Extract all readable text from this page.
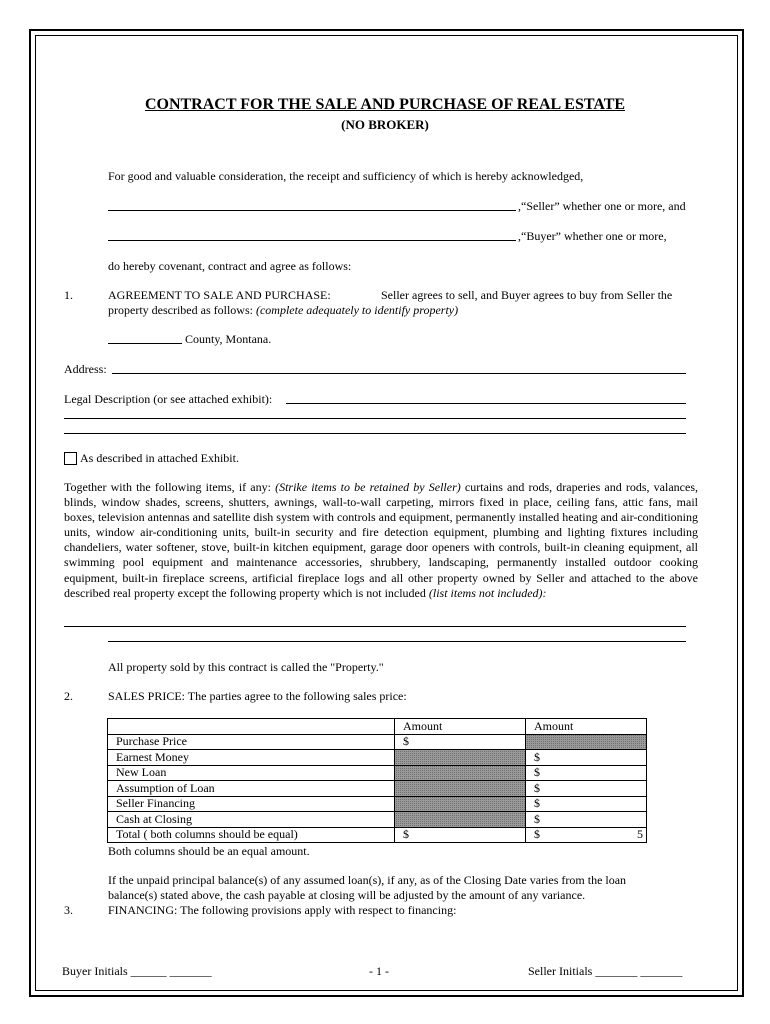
CONTRACT FOR THE SALE AND PURCHASE OF REAL ESTATE
(NO BROKER)
For good and valuable consideration, the receipt and sufficiency of which is hereby acknowledged,
,“Seller” whether one or more, and
,“Buyer” whether one or more,
do hereby covenant, contract and agree as follows:
1.	AGREEMENT TO SALE AND PURCHASE:	Seller agrees to sell, and Buyer agrees to buy from Seller the
property described as follows: (complete adequately to identify property)
County, Montana.
Address:
Legal Description (or see attached exhibit):
As described in attached Exhibit.
Together with the following items, if any: (Strike items to be retained by Seller) curtains and rods, draperies and rods, valances, blinds, window shades, screens, shutters, awnings, wall-to-wall carpeting, mirrors fixed in place, ceiling fans, attic fans, mail boxes, television antennas and satellite dish system with controls and equipment, permanently installed heating and air-conditioning units, window air-conditioning units, built-in security and fire detection equipment, plumbing and lighting fixtures including chandeliers, water softener, stove, built-in kitchen equipment, garage door openers with controls, built-in cleaning equipment, all swimming pool equipment and maintenance accessories, shrubbery, landscaping, permanently installed outdoor cooking equipment, built-in fireplace screens, artificial fireplace logs and all other property owned by Seller and attached to the above described real property except the following property which is not included (list items not included):
All property sold by this contract is called the "Property."
2.	SALES PRICE: The parties agree to the following sales price:
	Amount	Amount
Purchase Price	$	
Earnest Money		$
New Loan		$
Assumption of Loan		$
Seller Financing		$
Cash at Closing		$
Total ( both columns should be equal)	$	$ 5
Both columns should be an equal amount.
If the unpaid principal balance(s) of any assumed loan(s), if any, as of the Closing Date varies from the loan balance(s) stated above, the cash payable at closing will be adjusted by the amount of any variance.
3.	FINANCING: The following provisions apply with respect to financing:
Buyer Initials ______ _______	- 1 -	Seller Initials _______ _______
